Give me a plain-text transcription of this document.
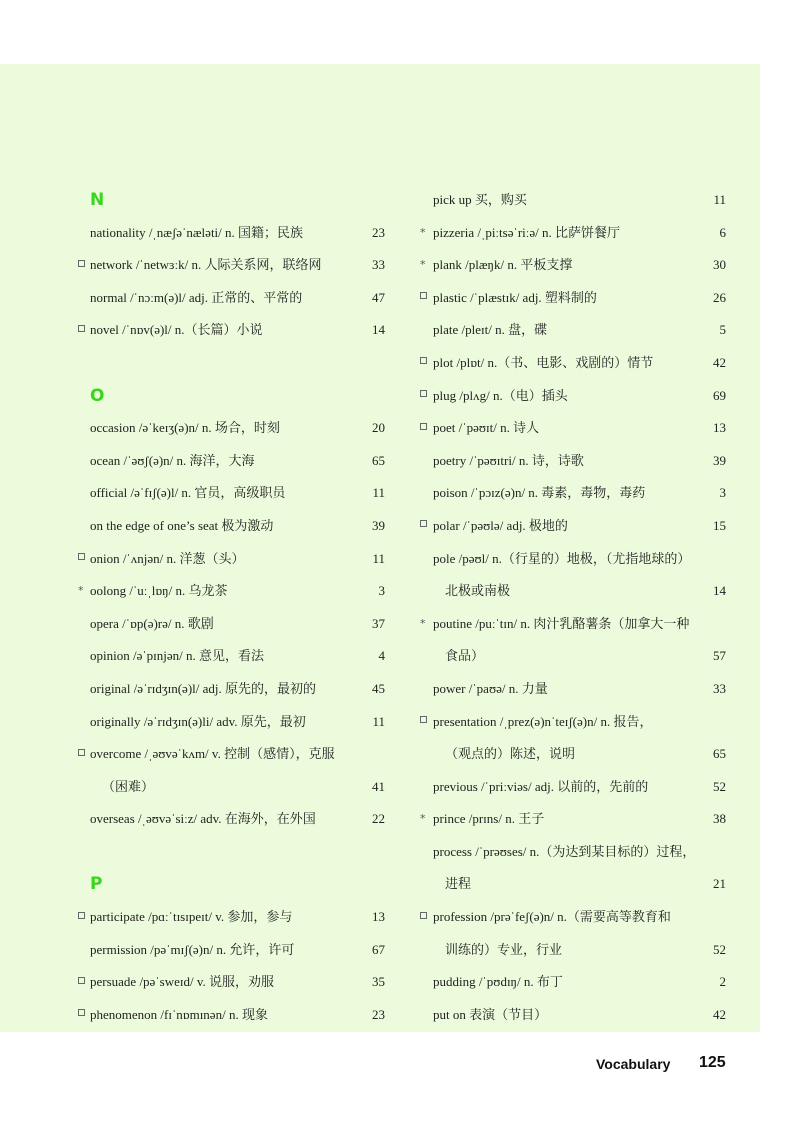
N
nationality /ˌnæʃəˈnæləti/ n. 国籍；民族	23
network /ˈnetwɜːk/ n. 人际关系网，联络网	33
normal /ˈnɔːm(ə)l/ adj. 正常的、平常的	47
novel /ˈnɒv(ə)l/ n.（长篇）小说	14
O
occasion /əˈkeɪʒ(ə)n/ n. 场合，时刻	20
ocean /ˈəʊʃ(ə)n/ n. 海洋，大海	65
official /əˈfɪʃ(ə)l/ n. 官员，高级职员	11
on the edge of one’s seat 极为激动	39
onion /ˈʌnjən/ n. 洋葱（头）	11
*
oolong /ˈuːˌlɒŋ/ n. 乌龙茶	3
opera /ˈɒp(ə)rə/ n. 歌剧	37
opinion /əˈpɪnjən/ n. 意见，看法	4
original /əˈrɪdʒɪn(ə)l/ adj. 原先的，最初的	45
originally /əˈrɪdʒɪn(ə)li/ adv. 原先，最初	11
overcome /ˌəʊvəˈkʌm/ v. 控制（感情），克服
（困难）	41
overseas /ˌəʊvəˈsiːz/ adv. 在海外，在外国	22
P
participate /pɑːˈtɪsɪpeɪt/ v. 参加，参与	13
permission /pəˈmɪʃ(ə)n/ n. 允许，许可	67
persuade /pəˈsweɪd/ v. 说服，劝服	35
phenomenon /fɪˈnɒmɪnən/ n. 现象	23
pick up 买，购买	11
*
pizzeria /ˌpiːtsəˈriːə/ n. 比萨饼餐厅	6
*
plank /plæŋk/ n. 平板支撑	30
plastic /ˈplæstɪk/ adj. 塑料制的	26
plate /pleɪt/ n. 盘，碟	5
plot /plɒt/ n.（书、电影、戏剧的）情节	42
plug /plʌg/ n.（电）插头	69
poet /ˈpəʊɪt/ n. 诗人	13
poetry /ˈpəʊɪtri/ n. 诗，诗歌	39
poison /ˈpɔɪz(ə)n/ n. 毒素，毒物，毒药	3
polar /ˈpəʊlə/ adj. 极地的	15
pole /pəʊl/ n.（行星的）地极，（尤指地球的）
北极或南极	14
*
poutine /puːˈtɪn/ n. 肉汁乳酪薯条（加拿大一种
食品）	57
power /ˈpaʊə/ n. 力量	33
presentation /ˌprez(ə)nˈteɪʃ(ə)n/ n. 报告，
（观点的）陈述，说明	65
previous /ˈpriːviəs/ adj. 以前的，先前的	52
*
prince /prɪns/ n. 王子	38
process /ˈprəʊses/ n.（为达到某目标的）过程，
进程	21
profession /prəˈfeʃ(ə)n/ n.（需要高等教育和
训练的）专业，行业	52
pudding /ˈpʊdɪŋ/ n. 布丁	2
put on 表演（节目）	42
Vocabulary 125
